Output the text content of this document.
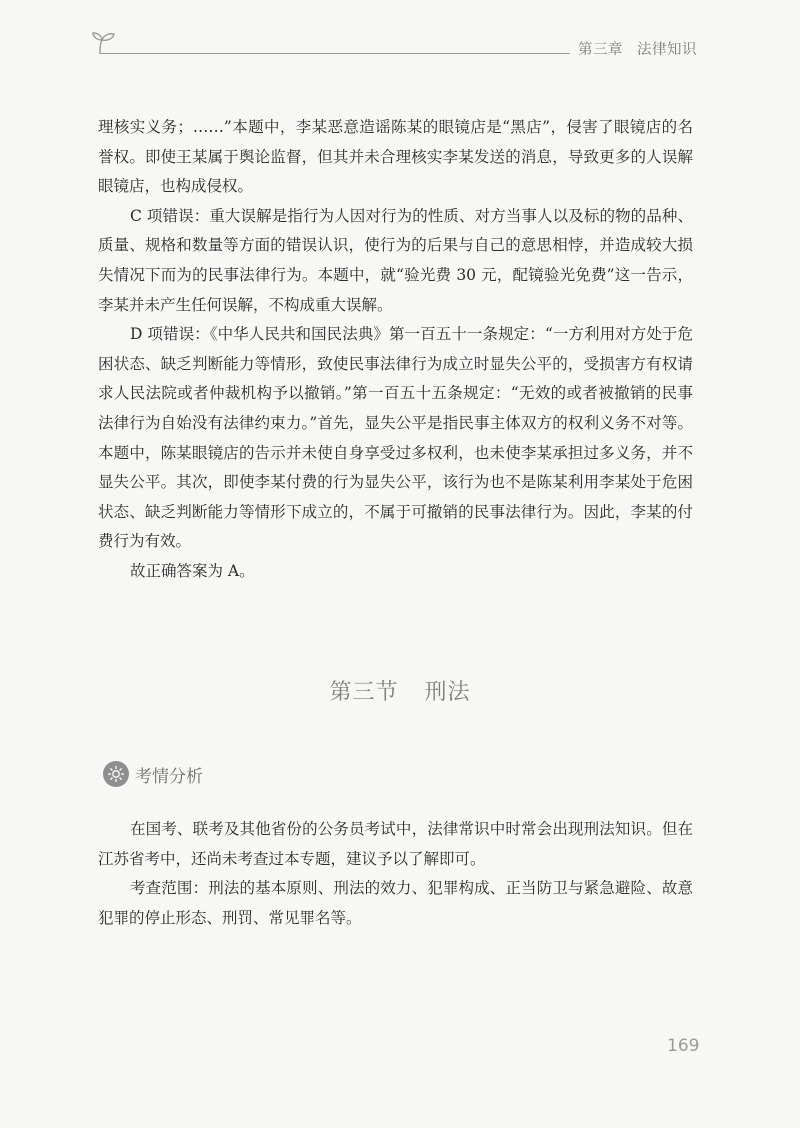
第三章 法律知识

理核实义务；……”本题中，李某恶意造谣陈某的眼镜店是“黑店”，侵害了眼镜店的名誉权。即使王某属于舆论监督，但其并未合理核实李某发送的消息，导致更多的人误解眼镜店，也构成侵权。

C 项错误：重大误解是指行为人因对行为的性质、对方当事人以及标的物的品种、质量、规格和数量等方面的错误认识，使行为的后果与自己的意思相悖，并造成较大损失情况下而为的民事法律行为。本题中，就“验光费 30 元，配镜验光免费”这一告示，李某并未产生任何误解，不构成重大误解。

D 项错误：《中华人民共和国民法典》第一百五十一条规定：“一方利用对方处于危困状态、缺乏判断能力等情形，致使民事法律行为成立时显失公平的，受损害方有权请求人民法院或者仲裁机构予以撤销。”第一百五十五条规定：“无效的或者被撤销的民事法律行为自始没有法律约束力。”首先，显失公平是指民事主体双方的权利义务不对等。本题中，陈某眼镜店的告示并未使自身享受过多权利，也未使李某承担过多义务，并不显失公平。其次，即使李某付费的行为显失公平，该行为也不是陈某利用李某处于危困状态、缺乏判断能力等情形下成立的，不属于可撤销的民事法律行为。因此，李某的付费行为有效。

故正确答案为 A。

第三节 刑法
考情分析

在国考、联考及其他省份的公务员考试中，法律常识中时常会出现刑法知识。但在江苏省考中，还尚未考查过本专题，建议予以了解即可。

考查范围：刑法的基本原则、刑法的效力、犯罪构成、正当防卫与紧急避险、故意犯罪的停止形态、刑罚、常见罪名等。

169
